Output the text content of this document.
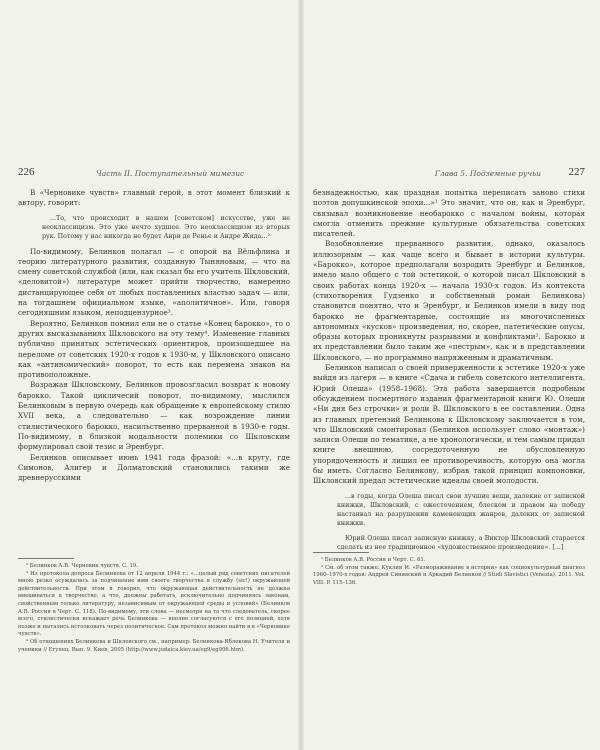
226	Часть II. Поступательный мимезис

В «Черновике чувств» главный герой, в этот момент близкий к автору, говорит:

...То, что происходит в нашем [советском] искусстве, уже не неоклассицизм. Это уже нечто худшее. Это неоклассицизм из вторых рук. Потому у нас никогда не будет Анри де Ренье и Андре Жида...²

По-видимому, Белинков полагал — с опорой на Вёльфлина и теорию литературного развития, созданную Тыняновым, — что на смену советской службой (или, как сказал бы его учитель Шкловский, «деловитой») литературе может прийти творчество, намеренно дистанцирующее себя от любых поставленных властью задач — или, на тогдашнем официальном языке, «аполитичное». Или, говоря сегодняшним языком, неподцензурное³.

Вероятно, Белинков помнил ели не о статье «Конец барокко», то о других высказываниях Шкловского на эту тему⁴. Изменение главных публично принятых эстетических ориентиров, произошедшее на переломе от советских 1920-х годов к 1930-м, у Шкловского описано как «антиномический» поворот, то есть как перемена знаков на противоположные.

Возражая Шкловскому, Белинков провозгласил возврат к новому барокко. Такой цикличесий поворот, по-видимому, мыслился Белинковым в первую очередь как обращение к европейскому стилю XVII века, а следовательно — как возрождение линии стилистического барокко, насильственно прерванной в 1930-е годы. По-видимому, в близкой модальности полемики со Шкловским формулировал свой тезис и Эренбург.

Белинков описывает июнь 1941 года фразой: «...в кругу, где Симонов, Алигер и Долматовский становились такими же древнерусскими

² Белинков А.В. Черновик чувств. С. 19.

³ Из протокола допроса Белинкова от 12 апреля 1944 г.: «...целый ряд советских писателей мною резко осуждались за подчинение ими своего творчества в службу (sic!) окружающей действительности. При этом я говорил, что окружающая действительность не должна вмешиваться в творчество, а что, должны работать, исключительно подчиняясь законам, свойственным только литературу, независимым от окружающей среды и условий» (Белинков А.В. Россия в Черт. С. 118). По-видимому, эти слова — несмотря на то что следователь, скорее всего, стилистически искажает речь Белинкова — вполне согласуются с его позицией, хотя позже и пытались истолковать через политическое. Сам протокол можно найти в в «Черновике чувств».

⁴ Об отношениях Белинкова и Шкловского см., например: Белинкова-Яблокова Н. Учителя и ученики // Егупец. Вып. 9. Киев, 2005 (http://www.judaica.kiev.ua/eg9/eg906.htm).

Глава 5. Подземные ручьи	227

безнадежностью, как праздная попытка переписать заново стихи поэтов допушкинской эпохи...»¹ Это значит, что он, как и Эренбург, связывал возникновение необарокко с началом войны, которая смогла отменить прежние культурные обязательства советских писателей.

Возобновление прерванного развития, однако, оказалось иллюзорным — как чаще всего и бывает в истории культуры. «Барокко», которое предполагали возродить Эренбург и Белинков, имело мало общего с той эстетикой, о которой писал Шкловский в своих работах конца 1920-х — начала 1930-х годов. Из контекста (стихотворения Гудзенко и собственный роман Белинкова) становится понятно, что и Эренбург, и Белинков имели в виду под барокко не фрагментарные, состоящие из многочисленных автономных «кусков» произведения, но, скорее, патетические опусы, образы которых проникнуты разрывами и конфликтами². Барокко и их представлении было таким же «пестрым», как и в представлении Шкловского, — но программно напряженным и драматичным.

Белинков написал о своей приверженности к эстетике 1920-х уже выйдя из лагеря — в книге «Сдача и гибель советского интеллигента. Юрий Олеша» (1958–1968). Эта работа завершается подробным обсуждением посмертного издания фрагментарной книги Ю. Олеши «Ни дня без строчки» и роли В. Шкловского в ее составлении. Одна из главных претензий Белинкова к Шкловскому заключается в том, что Шкловский смонтировал (Белинков использует слово «монтаж») записи Олеши по тематике, а не хронологически, и тем самым придал книге внешнюю, сосредоточенную не обусловленную упорядоченность и лишил ее противоречивость, которую она могла бы иметь. Согласно Белинкову, избрав такой принцип компоновки, Шкловский предал эстетические идеалы своей молодости.

...в годы, когда Олеша писал свои лучшие вещи, далекие от записной книжки, Шкловский, с ожесточением, блеском и правом на победу настаивал на разрушении каменеющих жанров, далеких от записной книжки.
Юрий Олеша писал записную книжку, а Виктор Шкловский старается сделать из нее традиционное «художественное произведение». [...]

¹ Белинков А.В. Россия и Черт. С. 61.

² См. об этом также: Куклин И. «Размораживание в истории» как социокультурный диагноз 1960–1970-х годов: Андрей Синявский и Аркадий Белинков // Studi Slavistici (Venezia). 2011. Vol. VIII. P. 115–136.
